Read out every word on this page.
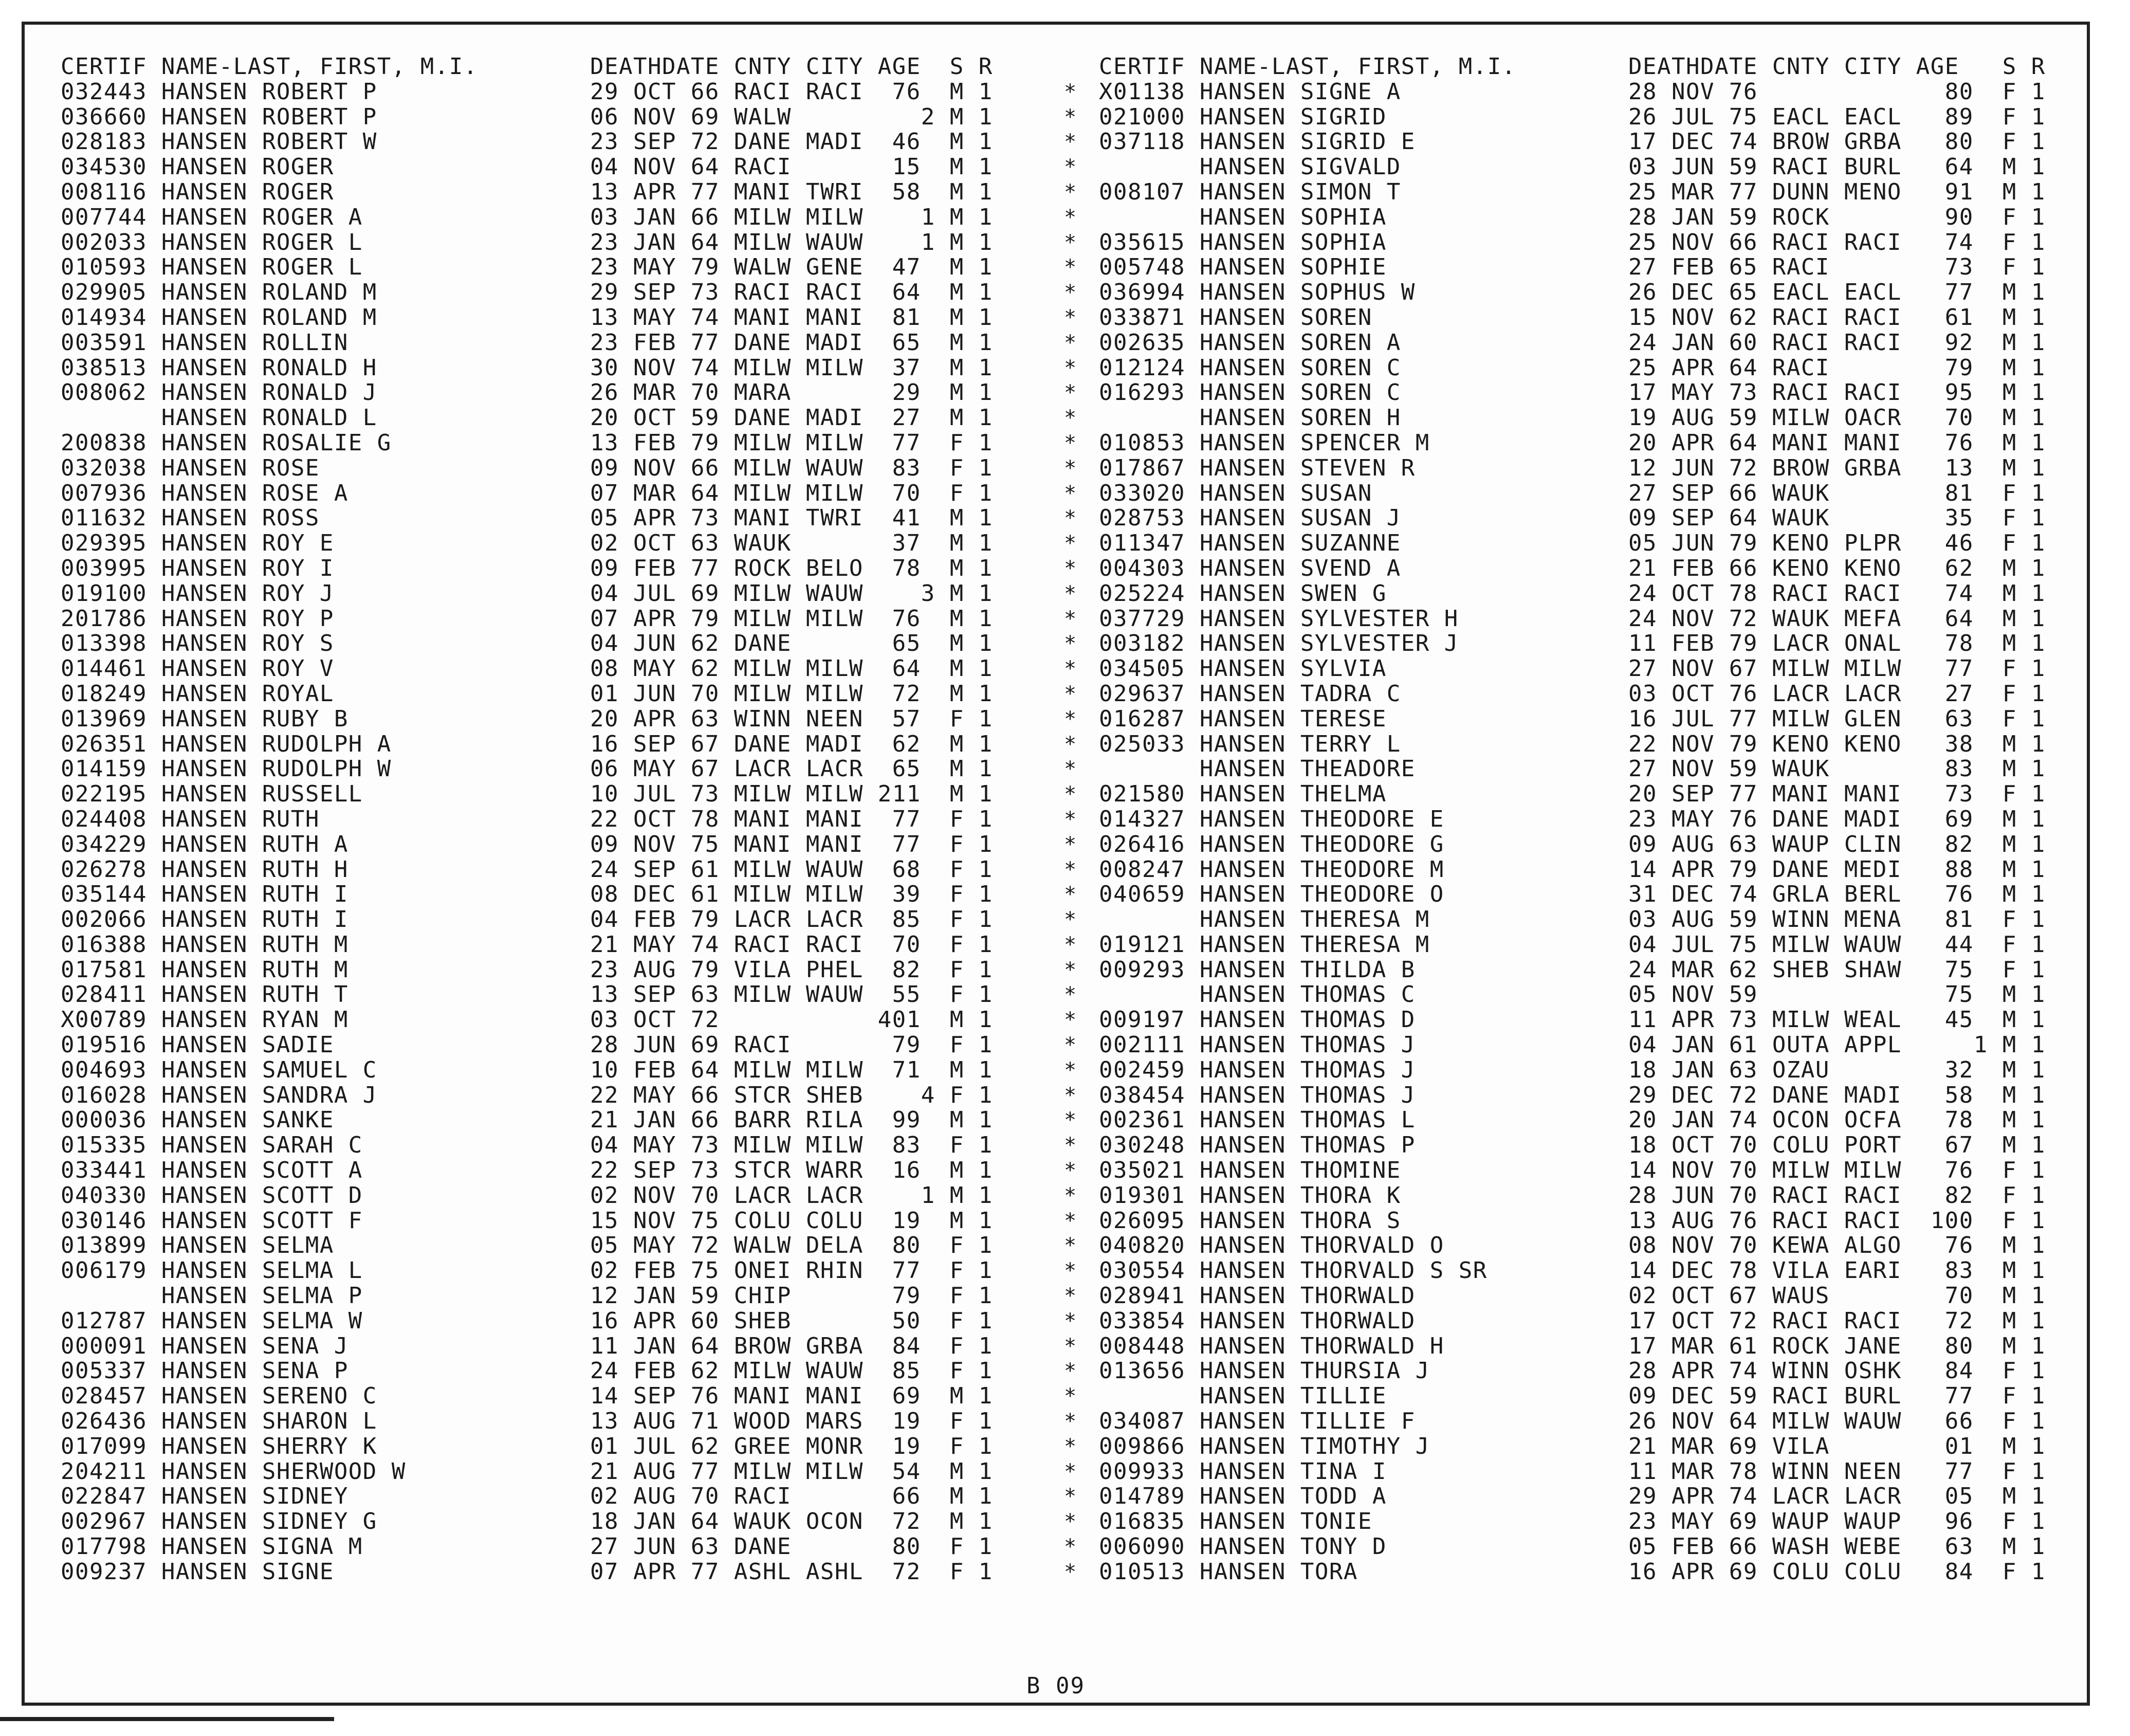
CERTIF NAME-LAST, FIRST, M.I.
032443 HANSEN ROBERT P
036660 HANSEN ROBERT P
028183 HANSEN ROBERT W
034530 HANSEN ROGER
008116 HANSEN ROGER
007744 HANSEN ROGER A
002033 HANSEN ROGER L
010593 HANSEN ROGER L
029905 HANSEN ROLAND M
014934 HANSEN ROLAND M
003591 HANSEN ROLLIN
038513 HANSEN RONALD H
008062 HANSEN RONALD J
HANSEN RONALD L
200838 HANSEN ROSALIE G
032038 HANSEN ROSE
007936 HANSEN ROSE A
011632 HANSEN ROSS
029395 HANSEN ROY E
003995 HANSEN ROY I
019100 HANSEN ROY J
201786 HANSEN ROY P
013398 HANSEN ROY S
014461 HANSEN ROY V
018249 HANSEN ROYAL
013969 HANSEN RUBY B
026351 HANSEN RUDOLPH A
014159 HANSEN RUDOLPH W
022195 HANSEN RUSSELL
024408 HANSEN RUTH
034229 HANSEN RUTH A
026278 HANSEN RUTH H
035144 HANSEN RUTH I
002066 HANSEN RUTH I
016388 HANSEN RUTH M
017581 HANSEN RUTH M
028411 HANSEN RUTH T
X00789 HANSEN RYAN M
019516 HANSEN SADIE
004693 HANSEN SAMUEL C
016028 HANSEN SANDRA J
000036 HANSEN SANKE
015335 HANSEN SARAH C
033441 HANSEN SCOTT A
040330 HANSEN SCOTT D
030146 HANSEN SCOTT F
013899 HANSEN SELMA
006179 HANSEN SELMA L
HANSEN SELMA P
012787 HANSEN SELMA W
000091 HANSEN SENA J
005337 HANSEN SENA P
028457 HANSEN SERENO C
026436 HANSEN SHARON L
017099 HANSEN SHERRY K
204211 HANSEN SHERWOOD W
022847 HANSEN SIDNEY
002967 HANSEN SIDNEY G
017798 HANSEN SIGNA M
009237 HANSEN SIGNE
DEATHDATE CNTY CITY AGE  S R
29 OCT 66 RACI RACI  76  M 1
06 NOV 69 WALW         2 M 1
23 SEP 72 DANE MADI  46  M 1
04 NOV 64 RACI       15  M 1
13 APR 77 MANI TWRI  58  M 1
03 JAN 66 MILW MILW    1 M 1
23 JAN 64 MILW WAUW    1 M 1
23 MAY 79 WALW GENE  47  M 1
29 SEP 73 RACI RACI  64  M 1
13 MAY 74 MANI MANI  81  M 1
23 FEB 77 DANE MADI  65  M 1
30 NOV 74 MILW MILW  37  M 1
26 MAR 70 MARA       29  M 1
20 OCT 59 DANE MADI  27  M 1
13 FEB 79 MILW MILW  77  F 1
09 NOV 66 MILW WAUW  83  F 1
07 MAR 64 MILW MILW  70  F 1
05 APR 73 MANI TWRI  41  M 1
02 OCT 63 WAUK       37  M 1
09 FEB 77 ROCK BELO  78  M 1
04 JUL 69 MILW WAUW    3 M 1
07 APR 79 MILW MILW  76  M 1
04 JUN 62 DANE       65  M 1
08 MAY 62 MILW MILW  64  M 1
01 JUN 70 MILW MILW  72  M 1
20 APR 63 WINN NEEN  57  F 1
16 SEP 67 DANE MADI  62  M 1
06 MAY 67 LACR LACR  65  M 1
10 JUL 73 MILW MILW 211  M 1
22 OCT 78 MANI MANI  77  F 1
09 NOV 75 MANI MANI  77  F 1
24 SEP 61 MILW WAUW  68  F 1
08 DEC 61 MILW MILW  39  F 1
04 FEB 79 LACR LACR  85  F 1
21 MAY 74 RACI RACI  70  F 1
23 AUG 79 VILA PHEL  82  F 1
13 SEP 63 MILW WAUW  55  F 1
03 OCT 72           401  M 1
28 JUN 69 RACI       79  F 1
10 FEB 64 MILW MILW  71  M 1
22 MAY 66 STCR SHEB    4 F 1
21 JAN 66 BARR RILA  99  M 1
04 MAY 73 MILW MILW  83  F 1
22 SEP 73 STCR WARR  16  M 1
02 NOV 70 LACR LACR    1 M 1
15 NOV 75 COLU COLU  19  M 1
05 MAY 72 WALW DELA  80  F 1
02 FEB 75 ONEI RHIN  77  F 1
12 JAN 59 CHIP       79  F 1
16 APR 60 SHEB       50  F 1
11 JAN 64 BROW GRBA  84  F 1
24 FEB 62 MILW WAUW  85  F 1
14 SEP 76 MANI MANI  69  M 1
13 AUG 71 WOOD MARS  19  F 1
01 JUL 62 GREE MONR  19  F 1
21 AUG 77 MILW MILW  54  M 1
02 AUG 70 RACI       66  M 1
18 JAN 64 WAUK OCON  72  M 1
27 JUN 63 DANE       80  F 1
07 APR 77 ASHL ASHL  72  F 1

*
*
*
*
*
*
*
*
*
*
*
*
*
*
*
*
*
*
*
*
*
*
*
*
*
*
*
*
*
*
*
*
*
*
*
*
*
*
*
*
*
*
*
*
*
*
*
*
*
*
*
*
*
*
*
*
*
*
*
*
CERTIF NAME-LAST, FIRST, M.I.
X01138 HANSEN SIGNE A
021000 HANSEN SIGRID
037118 HANSEN SIGRID E
HANSEN SIGVALD
008107 HANSEN SIMON T
HANSEN SOPHIA
035615 HANSEN SOPHIA
005748 HANSEN SOPHIE
036994 HANSEN SOPHUS W
033871 HANSEN SOREN
002635 HANSEN SOREN A
012124 HANSEN SOREN C
016293 HANSEN SOREN C
HANSEN SOREN H
010853 HANSEN SPENCER M
017867 HANSEN STEVEN R
033020 HANSEN SUSAN
028753 HANSEN SUSAN J
011347 HANSEN SUZANNE
004303 HANSEN SVEND A
025224 HANSEN SWEN G
037729 HANSEN SYLVESTER H
003182 HANSEN SYLVESTER J
034505 HANSEN SYLVIA
029637 HANSEN TADRA C
016287 HANSEN TERESE
025033 HANSEN TERRY L
HANSEN THEADORE
021580 HANSEN THELMA
014327 HANSEN THEODORE E
026416 HANSEN THEODORE G
008247 HANSEN THEODORE M
040659 HANSEN THEODORE O
HANSEN THERESA M
019121 HANSEN THERESA M
009293 HANSEN THILDA B
HANSEN THOMAS C
009197 HANSEN THOMAS D
002111 HANSEN THOMAS J
002459 HANSEN THOMAS J
038454 HANSEN THOMAS J
002361 HANSEN THOMAS L
030248 HANSEN THOMAS P
035021 HANSEN THOMINE
019301 HANSEN THORA K
026095 HANSEN THORA S
040820 HANSEN THORVALD O
030554 HANSEN THORVALD S SR
028941 HANSEN THORWALD
033854 HANSEN THORWALD
008448 HANSEN THORWALD H
013656 HANSEN THURSIA J
HANSEN TILLIE
034087 HANSEN TILLIE F
009866 HANSEN TIMOTHY J
009933 HANSEN TINA I
014789 HANSEN TODD A
016835 HANSEN TONIE
006090 HANSEN TONY D
010513 HANSEN TORA
DEATHDATE CNTY CITY AGE   S R
28 NOV 76             80  F 1
26 JUL 75 EACL EACL   89  F 1
17 DEC 74 BROW GRBA   80  F 1
03 JUN 59 RACI BURL   64  M 1
25 MAR 77 DUNN MENO   91  M 1
28 JAN 59 ROCK        90  F 1
25 NOV 66 RACI RACI   74  F 1
27 FEB 65 RACI        73  F 1
26 DEC 65 EACL EACL   77  M 1
15 NOV 62 RACI RACI   61  M 1
24 JAN 60 RACI RACI   92  M 1
25 APR 64 RACI        79  M 1
17 MAY 73 RACI RACI   95  M 1
19 AUG 59 MILW OACR   70  M 1
20 APR 64 MANI MANI   76  M 1
12 JUN 72 BROW GRBA   13  M 1
27 SEP 66 WAUK        81  F 1
09 SEP 64 WAUK        35  F 1
05 JUN 79 KENO PLPR   46  F 1
21 FEB 66 KENO KENO   62  M 1
24 OCT 78 RACI RACI   74  M 1
24 NOV 72 WAUK MEFA   64  M 1
11 FEB 79 LACR ONAL   78  M 1
27 NOV 67 MILW MILW   77  F 1
03 OCT 76 LACR LACR   27  F 1
16 JUL 77 MILW GLEN   63  F 1
22 NOV 79 KENO KENO   38  M 1
27 NOV 59 WAUK        83  M 1
20 SEP 77 MANI MANI   73  F 1
23 MAY 76 DANE MADI   69  M 1
09 AUG 63 WAUP CLIN   82  M 1
14 APR 79 DANE MEDI   88  M 1
31 DEC 74 GRLA BERL   76  M 1
03 AUG 59 WINN MENA   81  F 1
04 JUL 75 MILW WAUW   44  F 1
24 MAR 62 SHEB SHAW   75  F 1
05 NOV 59             75  M 1
11 APR 73 MILW WEAL   45  M 1
04 JAN 61 OUTA APPL     1 M 1
18 JAN 63 OZAU        32  M 1
29 DEC 72 DANE MADI   58  M 1
20 JAN 74 OCON OCFA   78  M 1
18 OCT 70 COLU PORT   67  M 1
14 NOV 70 MILW MILW   76  F 1
28 JUN 70 RACI RACI   82  F 1
13 AUG 76 RACI RACI  100  F 1
08 NOV 70 KEWA ALGO   76  M 1
14 DEC 78 VILA EARI   83  M 1
02 OCT 67 WAUS        70  M 1
17 OCT 72 RACI RACI   72  M 1
17 MAR 61 ROCK JANE   80  M 1
28 APR 74 WINN OSHK   84  F 1
09 DEC 59 RACI BURL   77  F 1
26 NOV 64 MILW WAUW   66  F 1
21 MAR 69 VILA        01  M 1
11 MAR 78 WINN NEEN   77  F 1
29 APR 74 LACR LACR   05  M 1
23 MAY 69 WAUP WAUP   96  F 1
05 FEB 66 WASH WEBE   63  M 1
16 APR 69 COLU COLU   84  F 1
B 09
